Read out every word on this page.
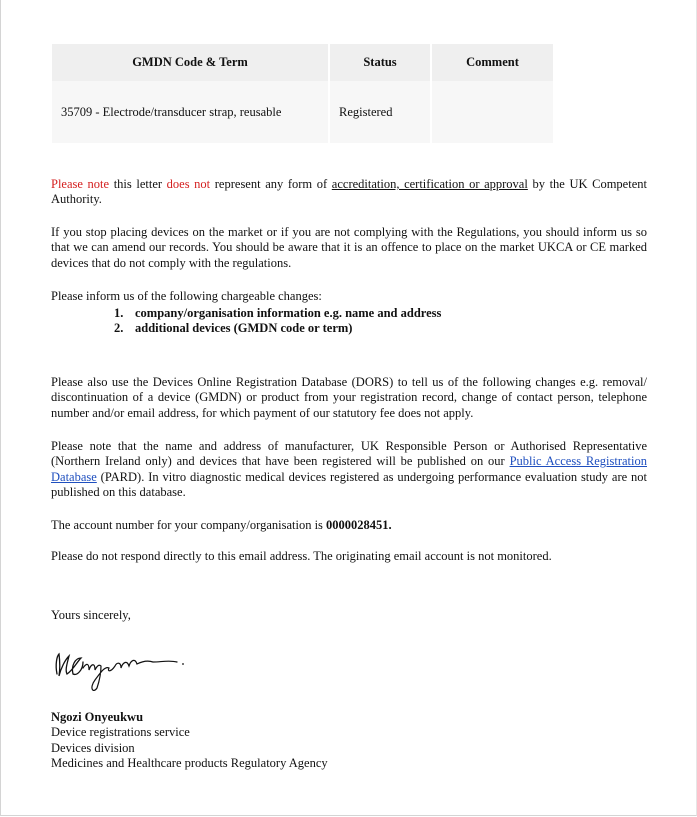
GMDN Code & Term	Status	Comment
35709 - Electrode/transducer strap, reusable	Registered	
Please note this letter does not represent any form of accreditation, certification or approval by the UK Competent Authority.
If you stop placing devices on the market or if you are not complying with the Regulations, you should inform us so that we can amend our records. You should be aware that it is an offence to place on the market UKCA or CE marked devices that do not comply with the regulations.
Please inform us of the following chargeable changes:
1. company/organisation information e.g. name and address
2. additional devices (GMDN code or term)
Please also use the Devices Online Registration Database (DORS) to tell us of the following changes e.g. removal/ discontinuation of a device (GMDN) or product from your registration record, change of contact person, telephone number and/or email address, for which payment of our statutory fee does not apply.
Please note that the name and address of manufacturer, UK Responsible Person or Authorised Representative (Northern Ireland only) and devices that have been registered will be published on our Public Access Registration Database (PARD). In vitro diagnostic medical devices registered as undergoing performance evaluation study are not published on this database.
The account number for your company/organisation is 0000028451.
Please do not respond directly to this email address. The originating email account is not monitored.
Yours sincerely,
Ngozi Onyeukwu
Device registrations service
Devices division
Medicines and Healthcare products Regulatory Agency
